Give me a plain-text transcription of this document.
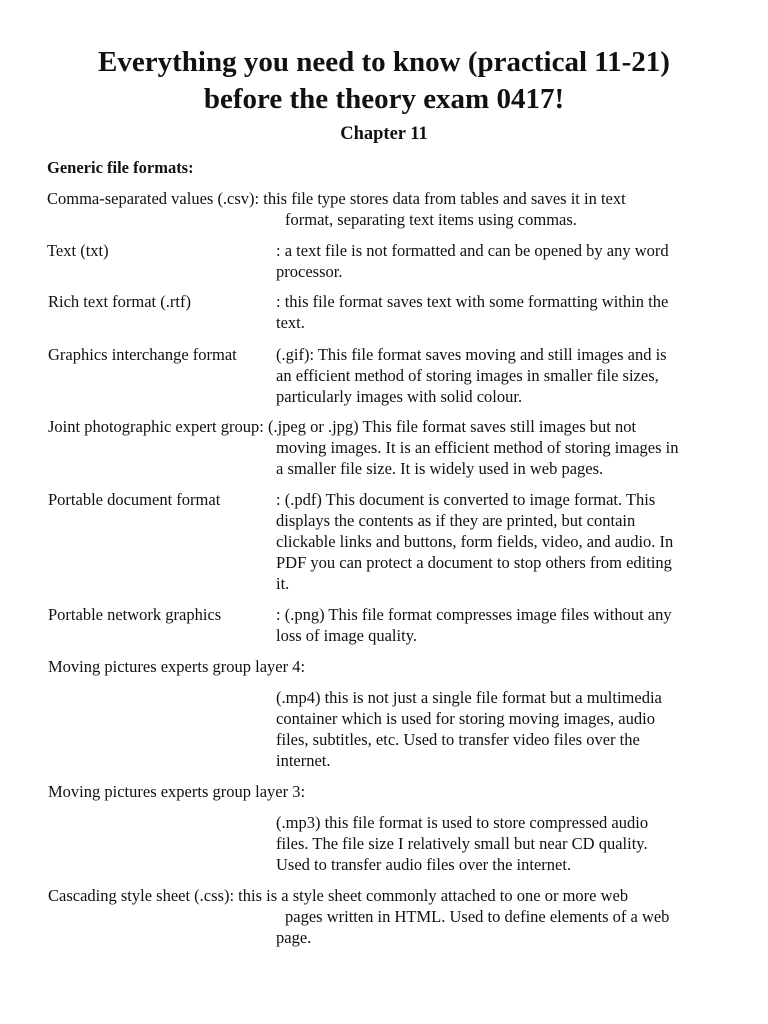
Everything you need to know (practical 11-21)
before the theory exam 0417!
Chapter 11
Generic file formats:
Comma-separated values (.csv): this file type stores data from tables and saves it in text
format, separating text items using commas.
Text (txt)	: a text file is not formatted and can be opened by any word
processor.
Rich text format (.rtf)	: this file format saves text with some formatting within the
text.
Graphics interchange format (.gif): This file format saves moving and still images and is
an efficient method of storing images in smaller file sizes,
particularly images with solid colour.
Joint photographic expert group: (.jpeg or .jpg) This file format saves still images but not
moving images. It is an efficient method of storing images in
a smaller file size. It is widely used in web pages.
Portable document format	: (.pdf) This document is converted to image format. This
displays the contents as if they are printed, but contain
clickable links and buttons, form fields, video, and audio. In
PDF you can protect a document to stop others from editing
it.
Portable network graphics	: (.png) This file format compresses image files without any
loss of image quality.
Moving pictures experts group layer 4:
(.mp4) this is not just a single file format but a multimedia
container which is used for storing moving images, audio
files, subtitles, etc. Used to transfer video files over the
internet.
Moving pictures experts group layer 3:
(.mp3) this file format is used to store compressed audio
files. The file size I relatively small but near CD quality.
Used to transfer audio files over the internet.
Cascading style sheet (.css): this is a style sheet commonly attached to one or more web
pages written in HTML. Used to define elements of a web
page.
